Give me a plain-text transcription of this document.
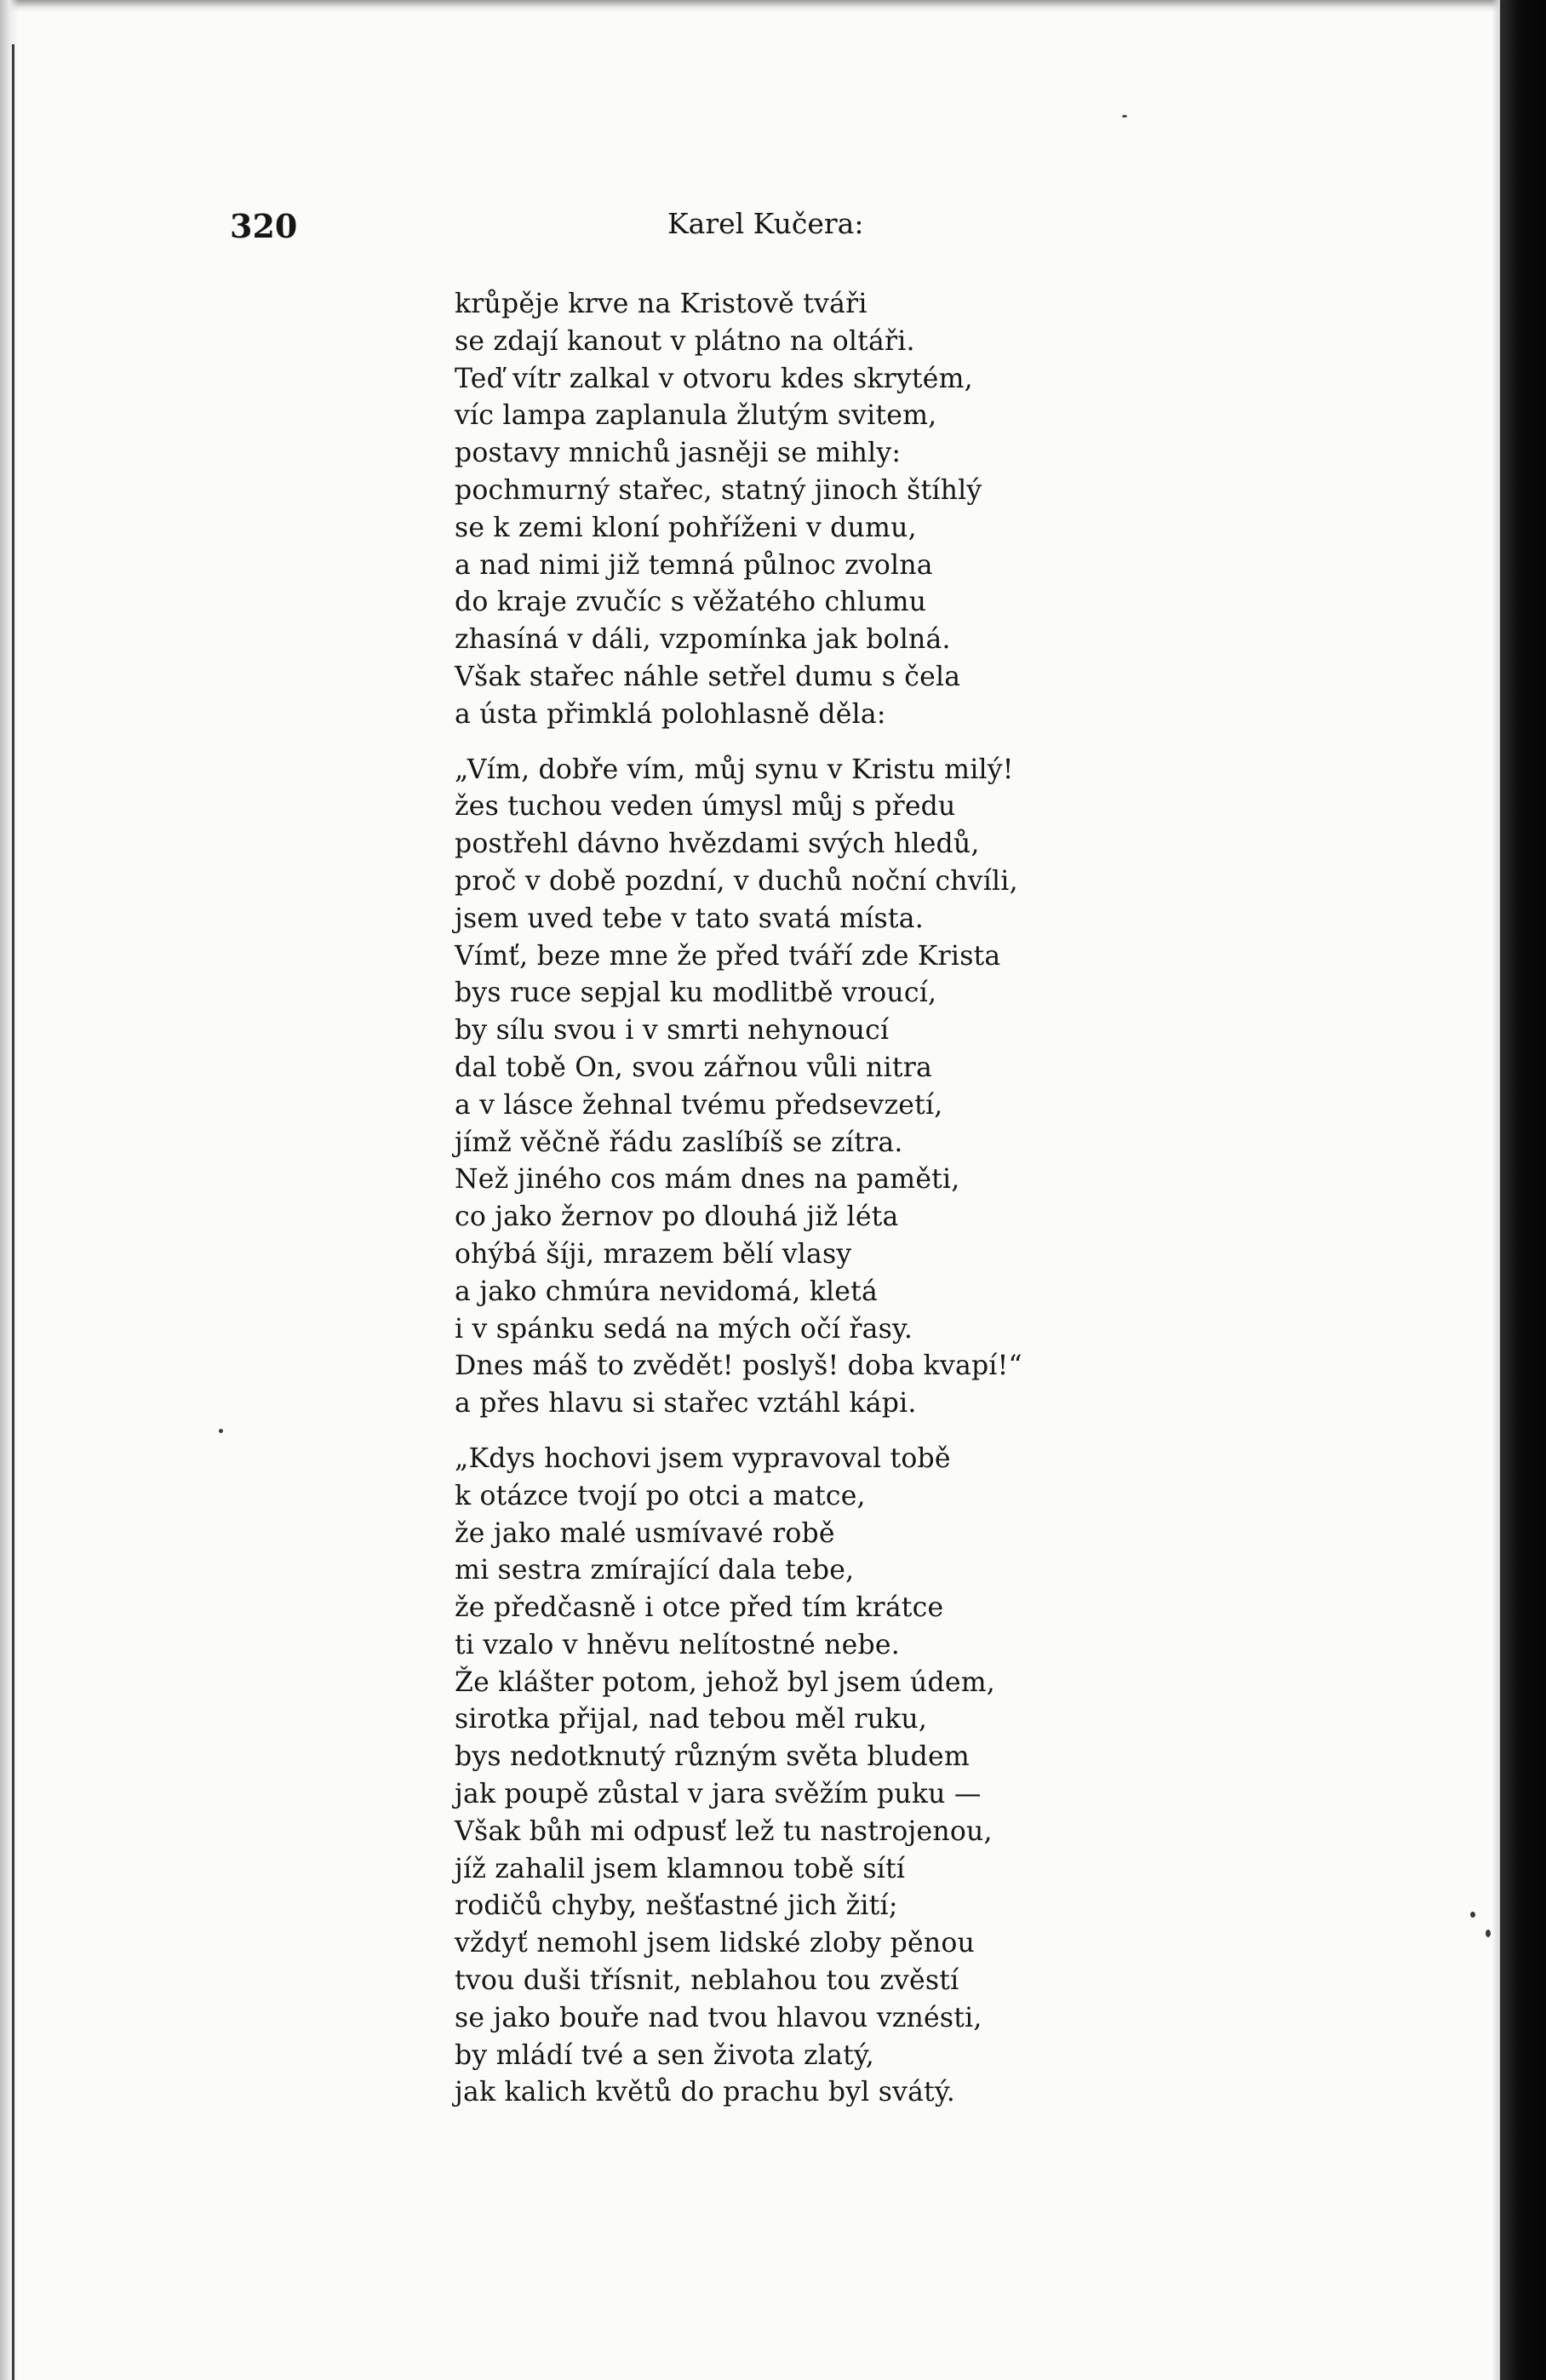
320	Karel Kučera:
krůpěje krve na Kristově tváři
se zdají kanout v plátno na oltáři.
Teď vítr zalkal v otvoru kdes skrytém,
víc lampa zaplanula žlutým svitem,
postavy mnichů jasněji se mihly:
pochmurný stařec, statný jinoch štíhlý
se k zemi kloní pohříženi v dumu,
a nad nimi již temná půlnoc zvolna
do kraje zvučíc s věžatého chlumu
zhasíná v dáli, vzpomínka jak bolná.
Však stařec náhle setřel dumu s čela
a ústa přimklá polohlasně děla:
„Vím, dobře vím, můj synu v Kristu milý!
žes tuchou veden úmysl můj s předu
postřehl dávno hvězdami svých hledů,
proč v době pozdní, v duchů noční chvíli,
jsem uved tebe v tato svatá místa.
Vímť, beze mne že před tváří zde Krista
bys ruce sepjal ku modlitbě vroucí,
by sílu svou i v smrti nehynoucí
dal tobě On, svou zářnou vůli nitra
a v lásce žehnal tvému předsevzetí,
jímž věčně řádu zaslíbíš se zítra.
Než jiného cos mám dnes na paměti,
co jako žernov po dlouhá již léta
ohýbá šíji, mrazem bělí vlasy
a jako chmúra nevidomá, kletá
i v spánku sedá na mých očí řasy.
Dnes máš to zvědět! poslyš! doba kvapí!“
a přes hlavu si stařec vztáhl kápi.
„Kdys hochovi jsem vypravoval tobě
k otázce tvojí po otci a matce,
že jako malé usmívavé robě
mi sestra zmírající dala tebe,
že předčasně i otce před tím krátce
ti vzalo v hněvu nelítostné nebe.
Že klášter potom, jehož byl jsem údem,
sirotka přijal, nad tebou měl ruku,
bys nedotknutý různým světa bludem
jak poupě zůstal v jara svěžím puku —
Však bůh mi odpusť lež tu nastrojenou,
jíž zahalil jsem klamnou tobě sítí
rodičů chyby, nešťastné jich žití;
vždyť nemohl jsem lidské zloby pěnou
tvou duši třísnit, neblahou tou zvěstí
se jako bouře nad tvou hlavou vznésti,
by mládí tvé a sen života zlatý,
jak kalich květů do prachu byl svátý.
